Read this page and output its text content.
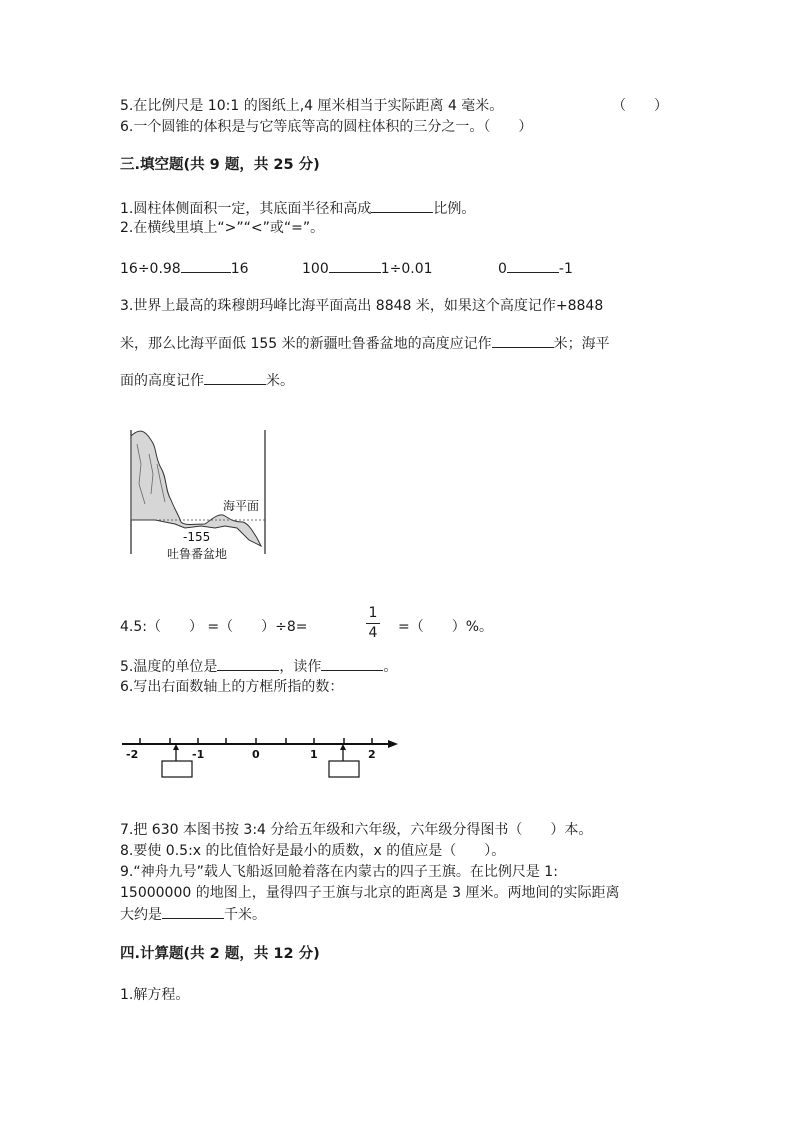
5.在比例尺是 10:1 的图纸上,4 厘米相当于实际距离 4 毫米。	（　　）
6.一个圆锥的体积是与它等底等高的圆柱体积的三分之一。（　　）
三.填空题(共 9 题，共 25 分)
1.圆柱体侧面积一定，其底面半径和高成	比例。
2.在横线里填上“>”“<”或“=”。
16÷0.98	16	100	1÷0.01	0	-1
3.世界上最高的珠穆朗玛峰比海平面高出 8848 米，如果这个高度记作+8848
米，那么比海平面低 155 米的新疆吐鲁番盆地的高度应记作	米；海平
面的高度记作	米。
海平面
-155
吐鲁番盆地
4.5:（　　） =（　　）÷8=
1
4	=（　　）%。
5.温度的单位是	，读作	。
6.写出右面数轴上的方框所指的数：
-2	-1	0	1	2
7.把 630 本图书按 3:4 分给五年级和六年级，六年级分得图书（　　）本。
8.要使 0.5:x 的比值恰好是最小的质数，x 的值应是（　　）。
9.“神舟九号”载人飞船返回舱着落在内蒙古的四子王旗。在比例尺是 1:
15000000 的地图上，量得四子王旗与北京的距离是 3 厘米。两地间的实际距离
大约是	千米。
四.计算题(共 2 题，共 12 分)
1.解方程。
